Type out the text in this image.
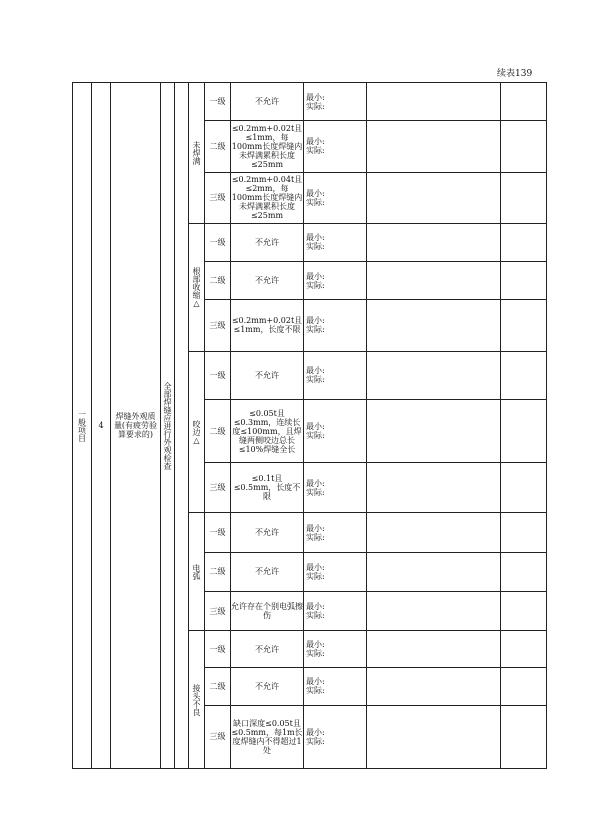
续表139
一般项目	4	焊缝外观质量(有疲劳验算要求的)	全部焊缝应进行外观检查		未焊满	一级	不允许	最小:
实际:		

						二级	≤0.2mm+0.02t且≤1mm，每100mm长度焊缝内未焊满累积长度≤25mm	最小:
实际:		

						三级	≤0.2mm+0.04t且≤2mm，每100mm长度焊缝内未焊满累积长度≤25mm	最小:
实际:		

					根部收缩△	一级	不允许	最小:
实际:		

						二级	不允许	最小:
实际:		

						三级	≤0.2mm+0.02t且≤1mm，长度不限	最小:
实际:		

					咬边△	一级	不允许	最小:
实际:		

						二级	≤0.05t且≤0.3mm，连续长度≤100mm，且焊缝两侧咬边总长≤10%焊缝全长	最小:
实际:		

						三级	≤0.1t且≤0.5mm，长度不限	最小:
实际:		

					电弧	一级	不允许	最小:
实际:		

						二级	不允许	最小:
实际:		

						三级	允许存在个别电弧擦伤	最小:
实际:		

					接头不良	一级	不允许	最小:
实际:		

						二级	不允许	最小:
实际:		

						三级	缺口深度≤0.05t且≤0.5mm，每1m长度焊缝内不得超过1处	最小:
实际:		
